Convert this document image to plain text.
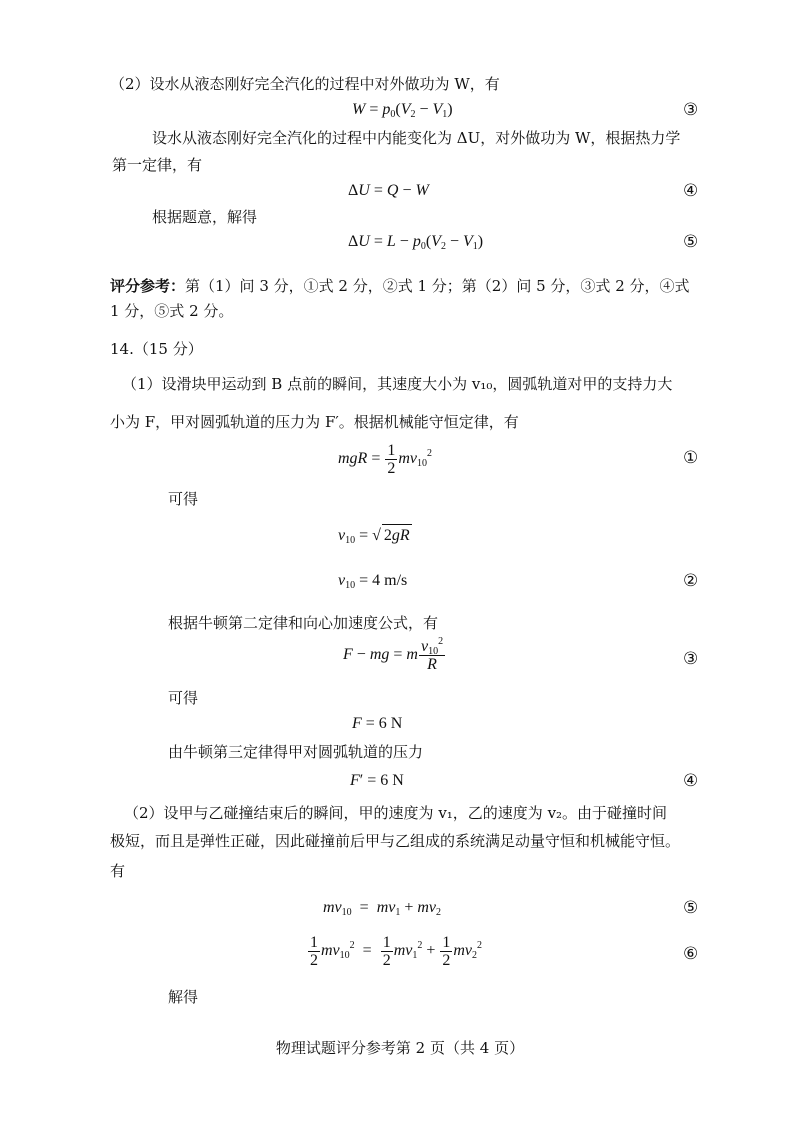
（2）设水从液态刚好完全汽化的过程中对外做功为 W，有
$W = p_0(V_2 - V_1)$	③
设水从液态刚好完全汽化的过程中内能变化为 ΔU，对外做功为 W，根据热力学
第一定律，有
ΔU = Q − W	④
根据题意，解得
$\Delta U = L - p_0(V_2 - V_1)$	⑤
评分参考：第（1）问 3 分，①式 2 分，②式 1 分；第（2）问 5 分，③式 2 分，④式
1 分，⑤式 2 分。
14.（15 分）
（1）设滑块甲运动到 B 点前的瞬间，其速度大小为 v₁₀，圆弧轨道对甲的支持力大
小为 F，甲对圆弧轨道的压力为 F′。根据机械能守恒定律，有
mgR = $\frac{1}{2} mv_{10}^2$	①
可得
$v_{10}$ = √ 2gR
$v_{10} = 4$ m/s	②
根据牛顿第二定律和向心加速度公式，有
F − mg = m $\frac{v_{10}^2}{R}$	③
可得
F = 6 N
由牛顿第三定律得甲对圆弧轨道的压力
F′ = 6 N	④
（2）设甲与乙碰撞结束后的瞬间，甲的速度为 v₁，乙的速度为 v₂。由于碰撞时间
极短，而且是弹性正碰，因此碰撞前后甲与乙组成的系统满足动量守恒和机械能守恒。
有
$mv_{10} = mv_1 + mv_2$	⑤
$\frac{1}{2} mv_{10}^2 = \frac{1}{2} mv_1^2 + \frac{1}{2} mv_2^2$	⑥
解得
物理试题评分参考第 2 页（共 4 页）
